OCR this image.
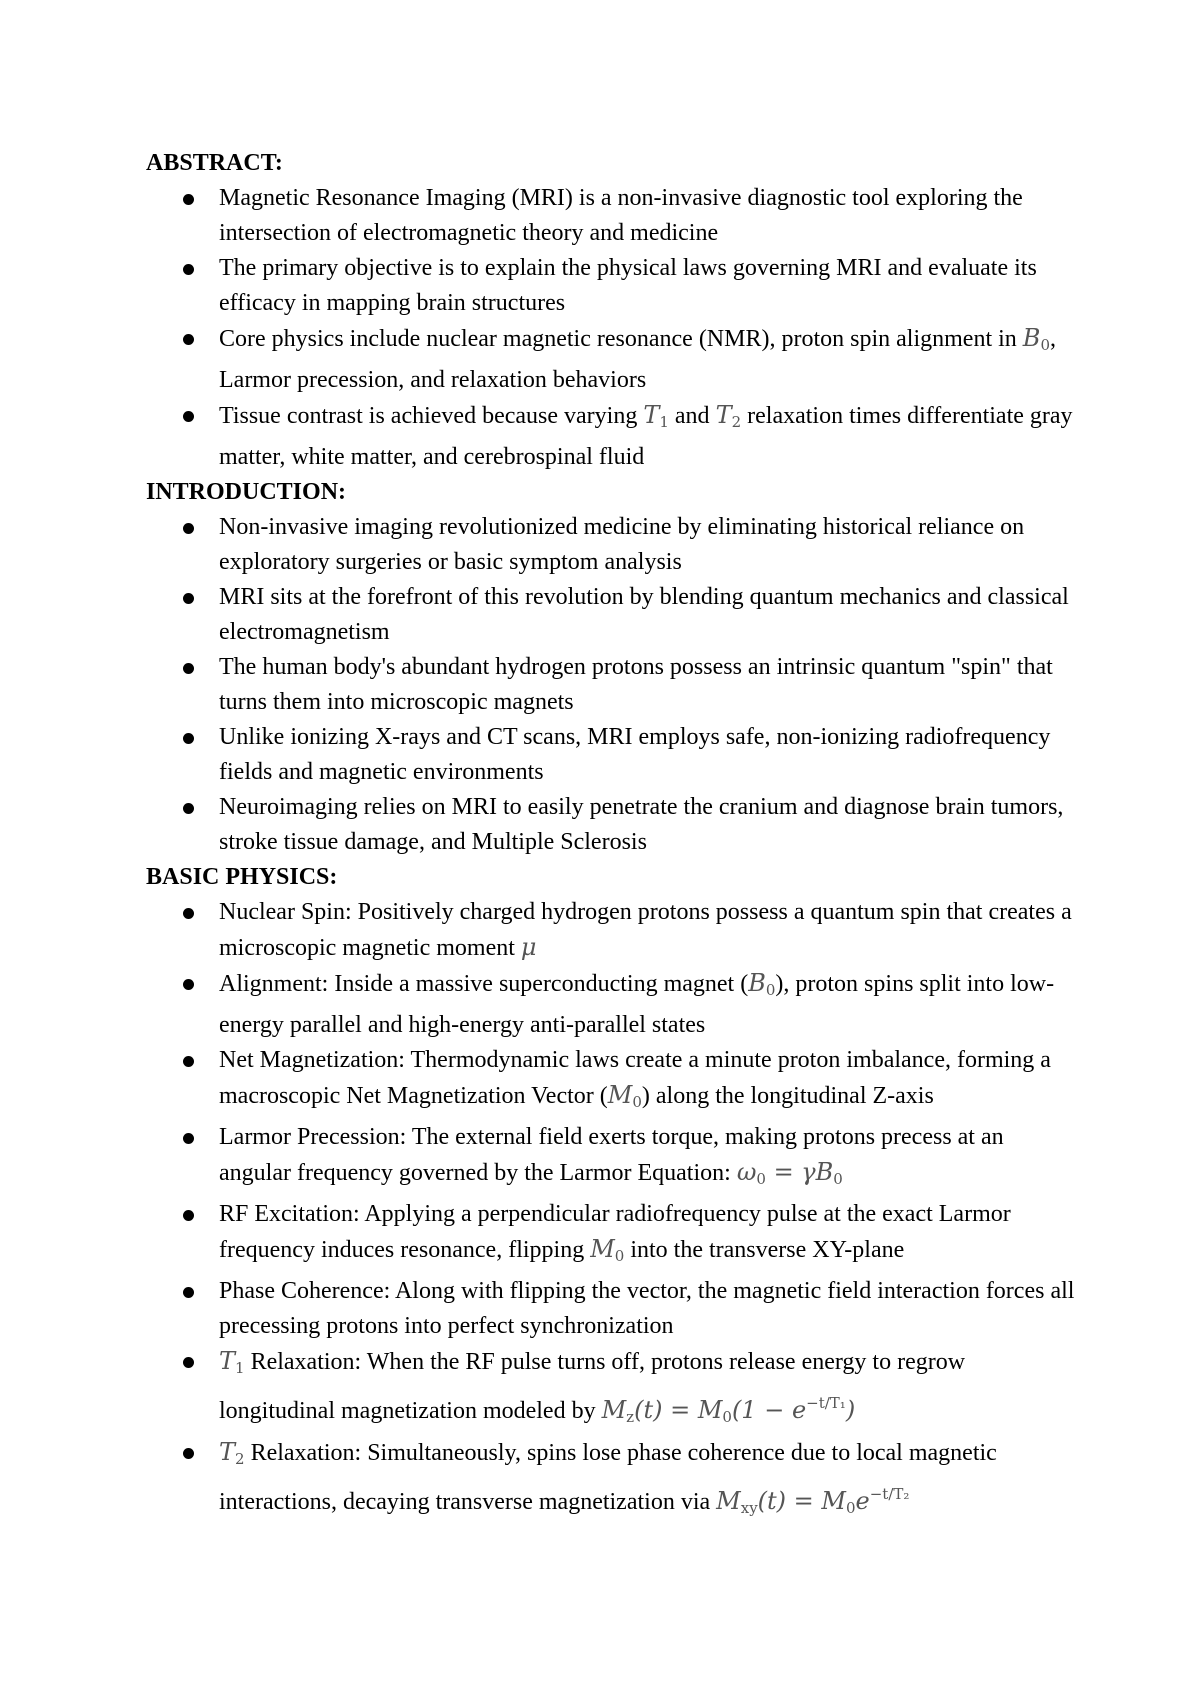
ABSTRACT:

Magnetic Resonance Imaging (MRI) is a non-invasive diagnostic tool exploring the intersection of electromagnetic theory and medicine
The primary objective is to explain the physical laws governing MRI and evaluate its efficacy in mapping brain structures
Core physics include nuclear magnetic resonance (NMR), proton spin alignment in $B_0$, Larmor precession, and relaxation behaviors
Tissue contrast is achieved because varying $T_1$ and $T_2$ relaxation times differentiate gray matter, white matter, and cerebrospinal fluid

INTRODUCTION:

Non-invasive imaging revolutionized medicine by eliminating historical reliance on exploratory surgeries or basic symptom analysis
MRI sits at the forefront of this revolution by blending quantum mechanics and classical electromagnetism
The human body's abundant hydrogen protons possess an intrinsic quantum "spin" that turns them into microscopic magnets
Unlike ionizing X-rays and CT scans, MRI employs safe, non-ionizing radiofrequency fields and magnetic environments
Neuroimaging relies on MRI to easily penetrate the cranium and diagnose brain tumors, stroke tissue damage, and Multiple Sclerosis

BASIC PHYSICS:

Nuclear Spin: Positively charged hydrogen protons possess a quantum spin that creates a microscopic magnetic moment μ
Alignment: Inside a massive superconducting magnet $(B_0)$, proton spins split into low-energy parallel and high-energy anti-parallel states
Net Magnetization: Thermodynamic laws create a minute proton imbalance, forming a macroscopic Net Magnetization Vector $(M_0)$ along the longitudinal Z-axis
Larmor Precession: The external field exerts torque, making protons precess at an angular frequency governed by the Larmor Equation: $\omega_0 = \gamma B_0$
RF Excitation: Applying a perpendicular radiofrequency pulse at the exact Larmor frequency induces resonance, flipping $M_0$ into the transverse XY-plane
Phase Coherence: Along with flipping the vector, the magnetic field interaction forces all precessing protons into perfect synchronization
$T_1$ Relaxation: When the RF pulse turns off, protons release energy to regrow longitudinal magnetization modeled by $M_z(t) = M_0(1 - e^{-t/T_1})$
$T_2$ Relaxation: Simultaneously, spins lose phase coherence due to local magnetic interactions, decaying transverse magnetization via $M_{xy}(t) = M_0e^{-t/T_2}$
